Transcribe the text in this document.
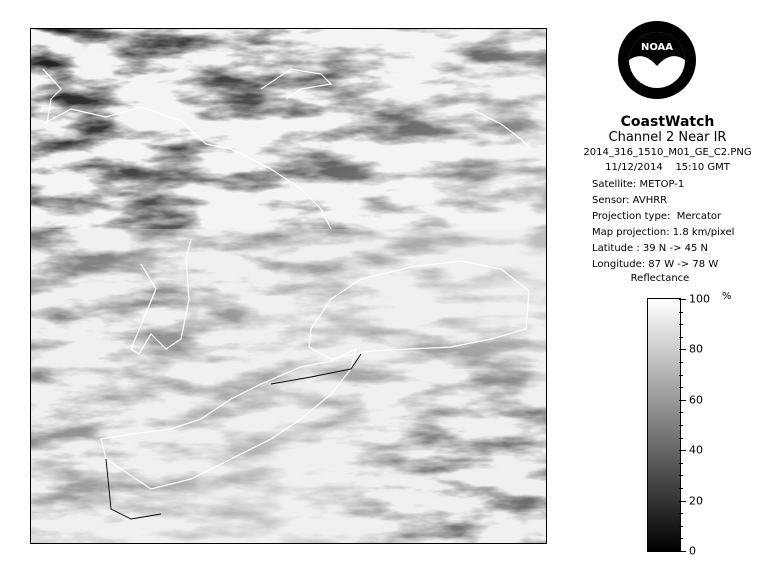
NOAA
CoastWatch
Channel 2 Near IR
2014_316_1510_M01_GE_C2.PNG
11/12/2014 15:10 GMT
Satellite: METOP-1
Sensor: AVHRR
Projection type: Mercator
Map projection: 1.8 km/pixel
Latitude : 39 N -> 45 N
Longitude: 87 W -> 78 W
Reflectance
%
0
20
40
60
80
100
